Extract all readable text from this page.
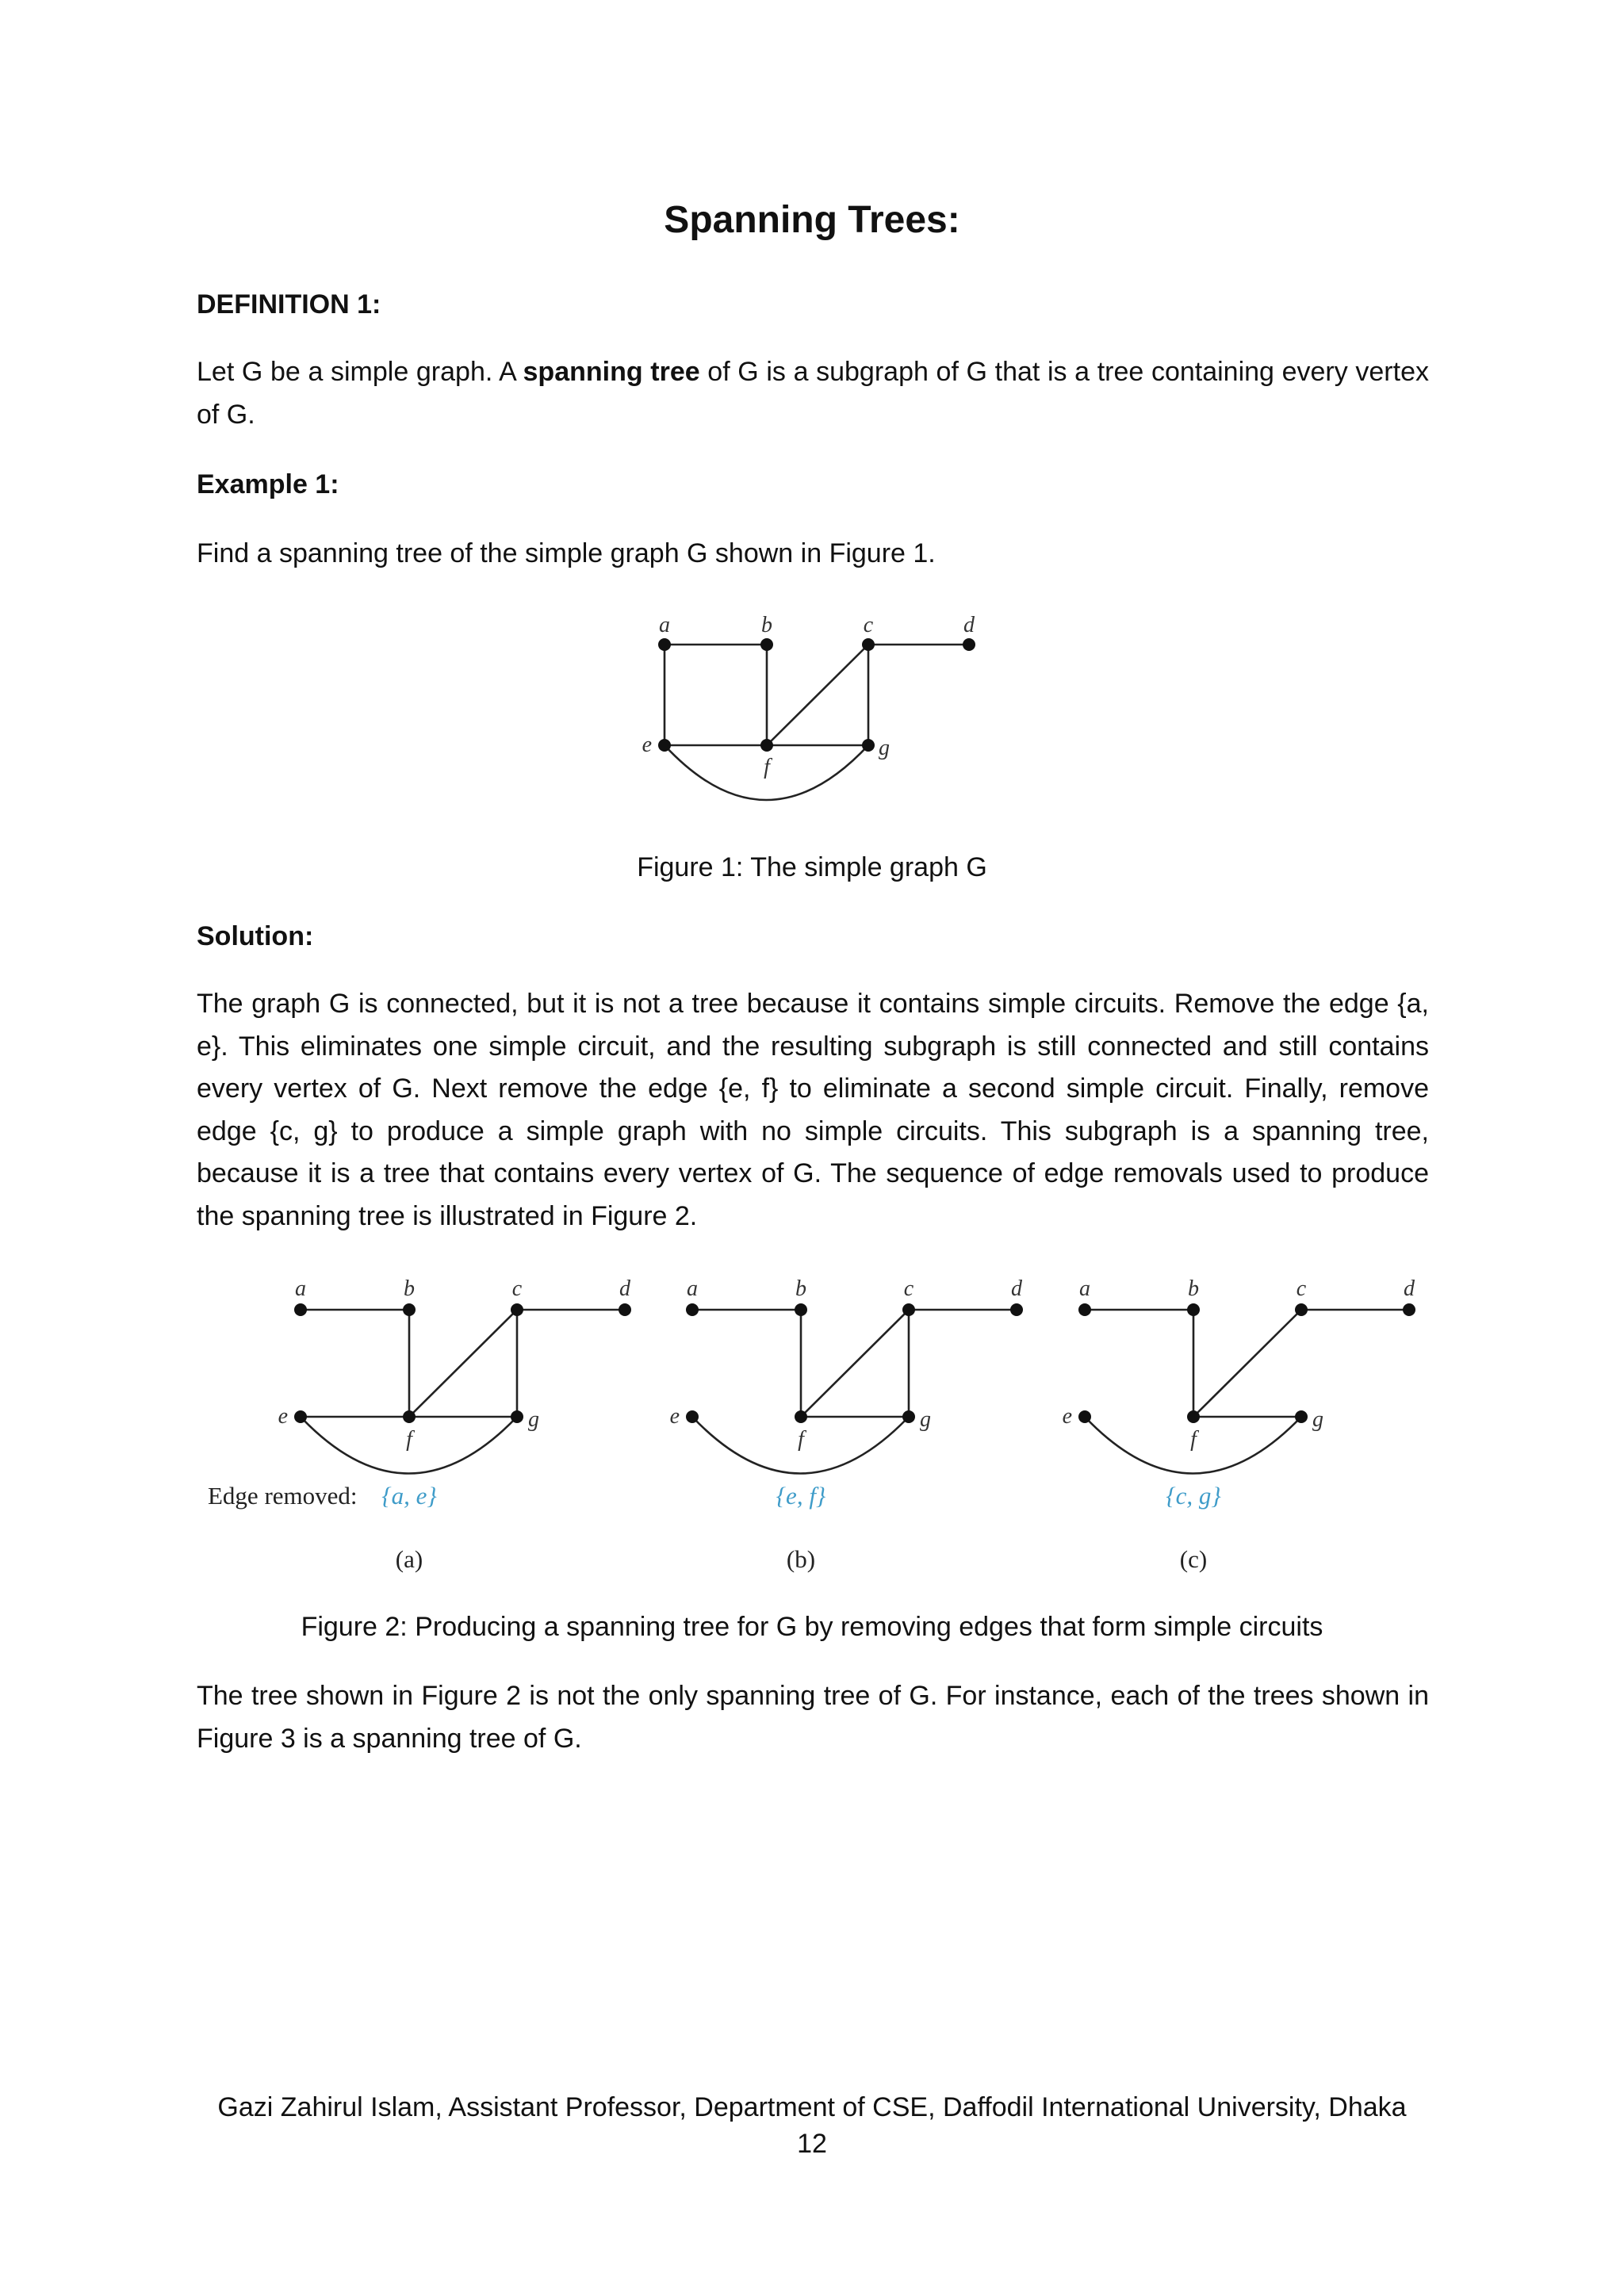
Spanning Trees:
DEFINITION 1:

Let G be a simple graph. A spanning tree of G is a subgraph of G that is a tree containing every vertex of G.

Example 1:

Find a spanning tree of the simple graph G shown in Figure 1.

a	b	c	d
e
f
g
Figure 1: The simple graph G
Solution:

The graph G is connected, but it is not a tree because it contains simple circuits. Remove the edge {a, e}. This eliminates one simple circuit, and the resulting subgraph is still connected and still contains every vertex of G. Next remove the edge {e, f} to eliminate a second simple circuit. Finally, remove edge {c, g} to produce a simple graph with no simple circuits. This subgraph is a spanning tree, because it is a tree that contains every vertex of G. The sequence of edge removals used to produce the spanning tree is illustrated in Figure 2.

a	b	c	d
e
f
g
Edge removed: {a, e}
(a)
a	b	c	d
e
f
g
{e, f}
(b)
a	b	c	d
e
f
g
{c, g}
(c)
Figure 2: Producing a spanning tree for G by removing edges that form simple circuits

The tree shown in Figure 2 is not the only spanning tree of G. For instance, each of the trees shown in Figure 3 is a spanning tree of G.

Gazi Zahirul Islam, Assistant Professor, Department of CSE, Daffodil International University, Dhaka
12
